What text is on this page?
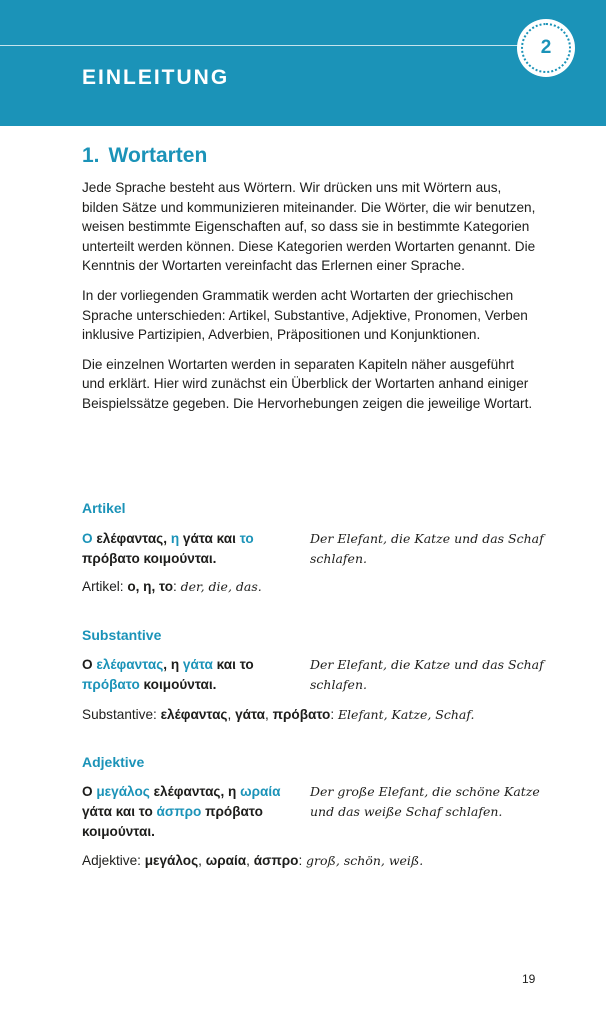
2
EINLEITUNG
1. Wortarten

Jede Sprache besteht aus Wörtern. Wir drücken uns mit Wörtern aus, bilden Sätze und kommunizieren miteinander. Die Wörter, die wir benutzen, weisen bestimmte Eigenschaften auf, so dass sie in bestimmte Kategorien unterteilt werden können. Diese Kategorien werden Wortarten genannt. Die Kenntnis der Wortarten vereinfacht das Erlernen einer Sprache.

In der vorliegenden Grammatik werden acht Wortarten der griechischen Sprache unterschieden: Artikel, Substantive, Adjektive, Pronomen, Verben inklusive Partizipien, Adverbien, Präpositionen und Konjunktionen.

Die einzelnen Wortarten werden in separaten Kapiteln näher ausgeführt und erklärt. Hier wird zunächst ein Überblick der Wortarten anhand einiger Beispielssätze gegeben. Die Hervorhebungen zeigen die jeweilige Wortart.

Artikel

Ο ελέφαντας, η γάτα και το πρόβατο κοιμούνται.

Der Elefant, die Katze und das Schaf schlafen.

Artikel: ο, η, το: der, die, das.

Substantive

Ο ελέφαντας, η γάτα και το πρόβατο κοιμούνται.

Der Elefant, die Katze und das Schaf schlafen.

Substantive: ελέφαντας, γάτα, πρόβατο: Elefant, Katze, Schaf.

Adjektive

Ο μεγάλος ελέφαντας, η ωραία γάτα και το άσπρο πρόβατο κοιμούνται.

Der große Elefant, die schöne Katze und das weiße Schaf schlafen.

Adjektive: μεγάλος, ωραία, άσπρο: groß, schön, weiß.

19
